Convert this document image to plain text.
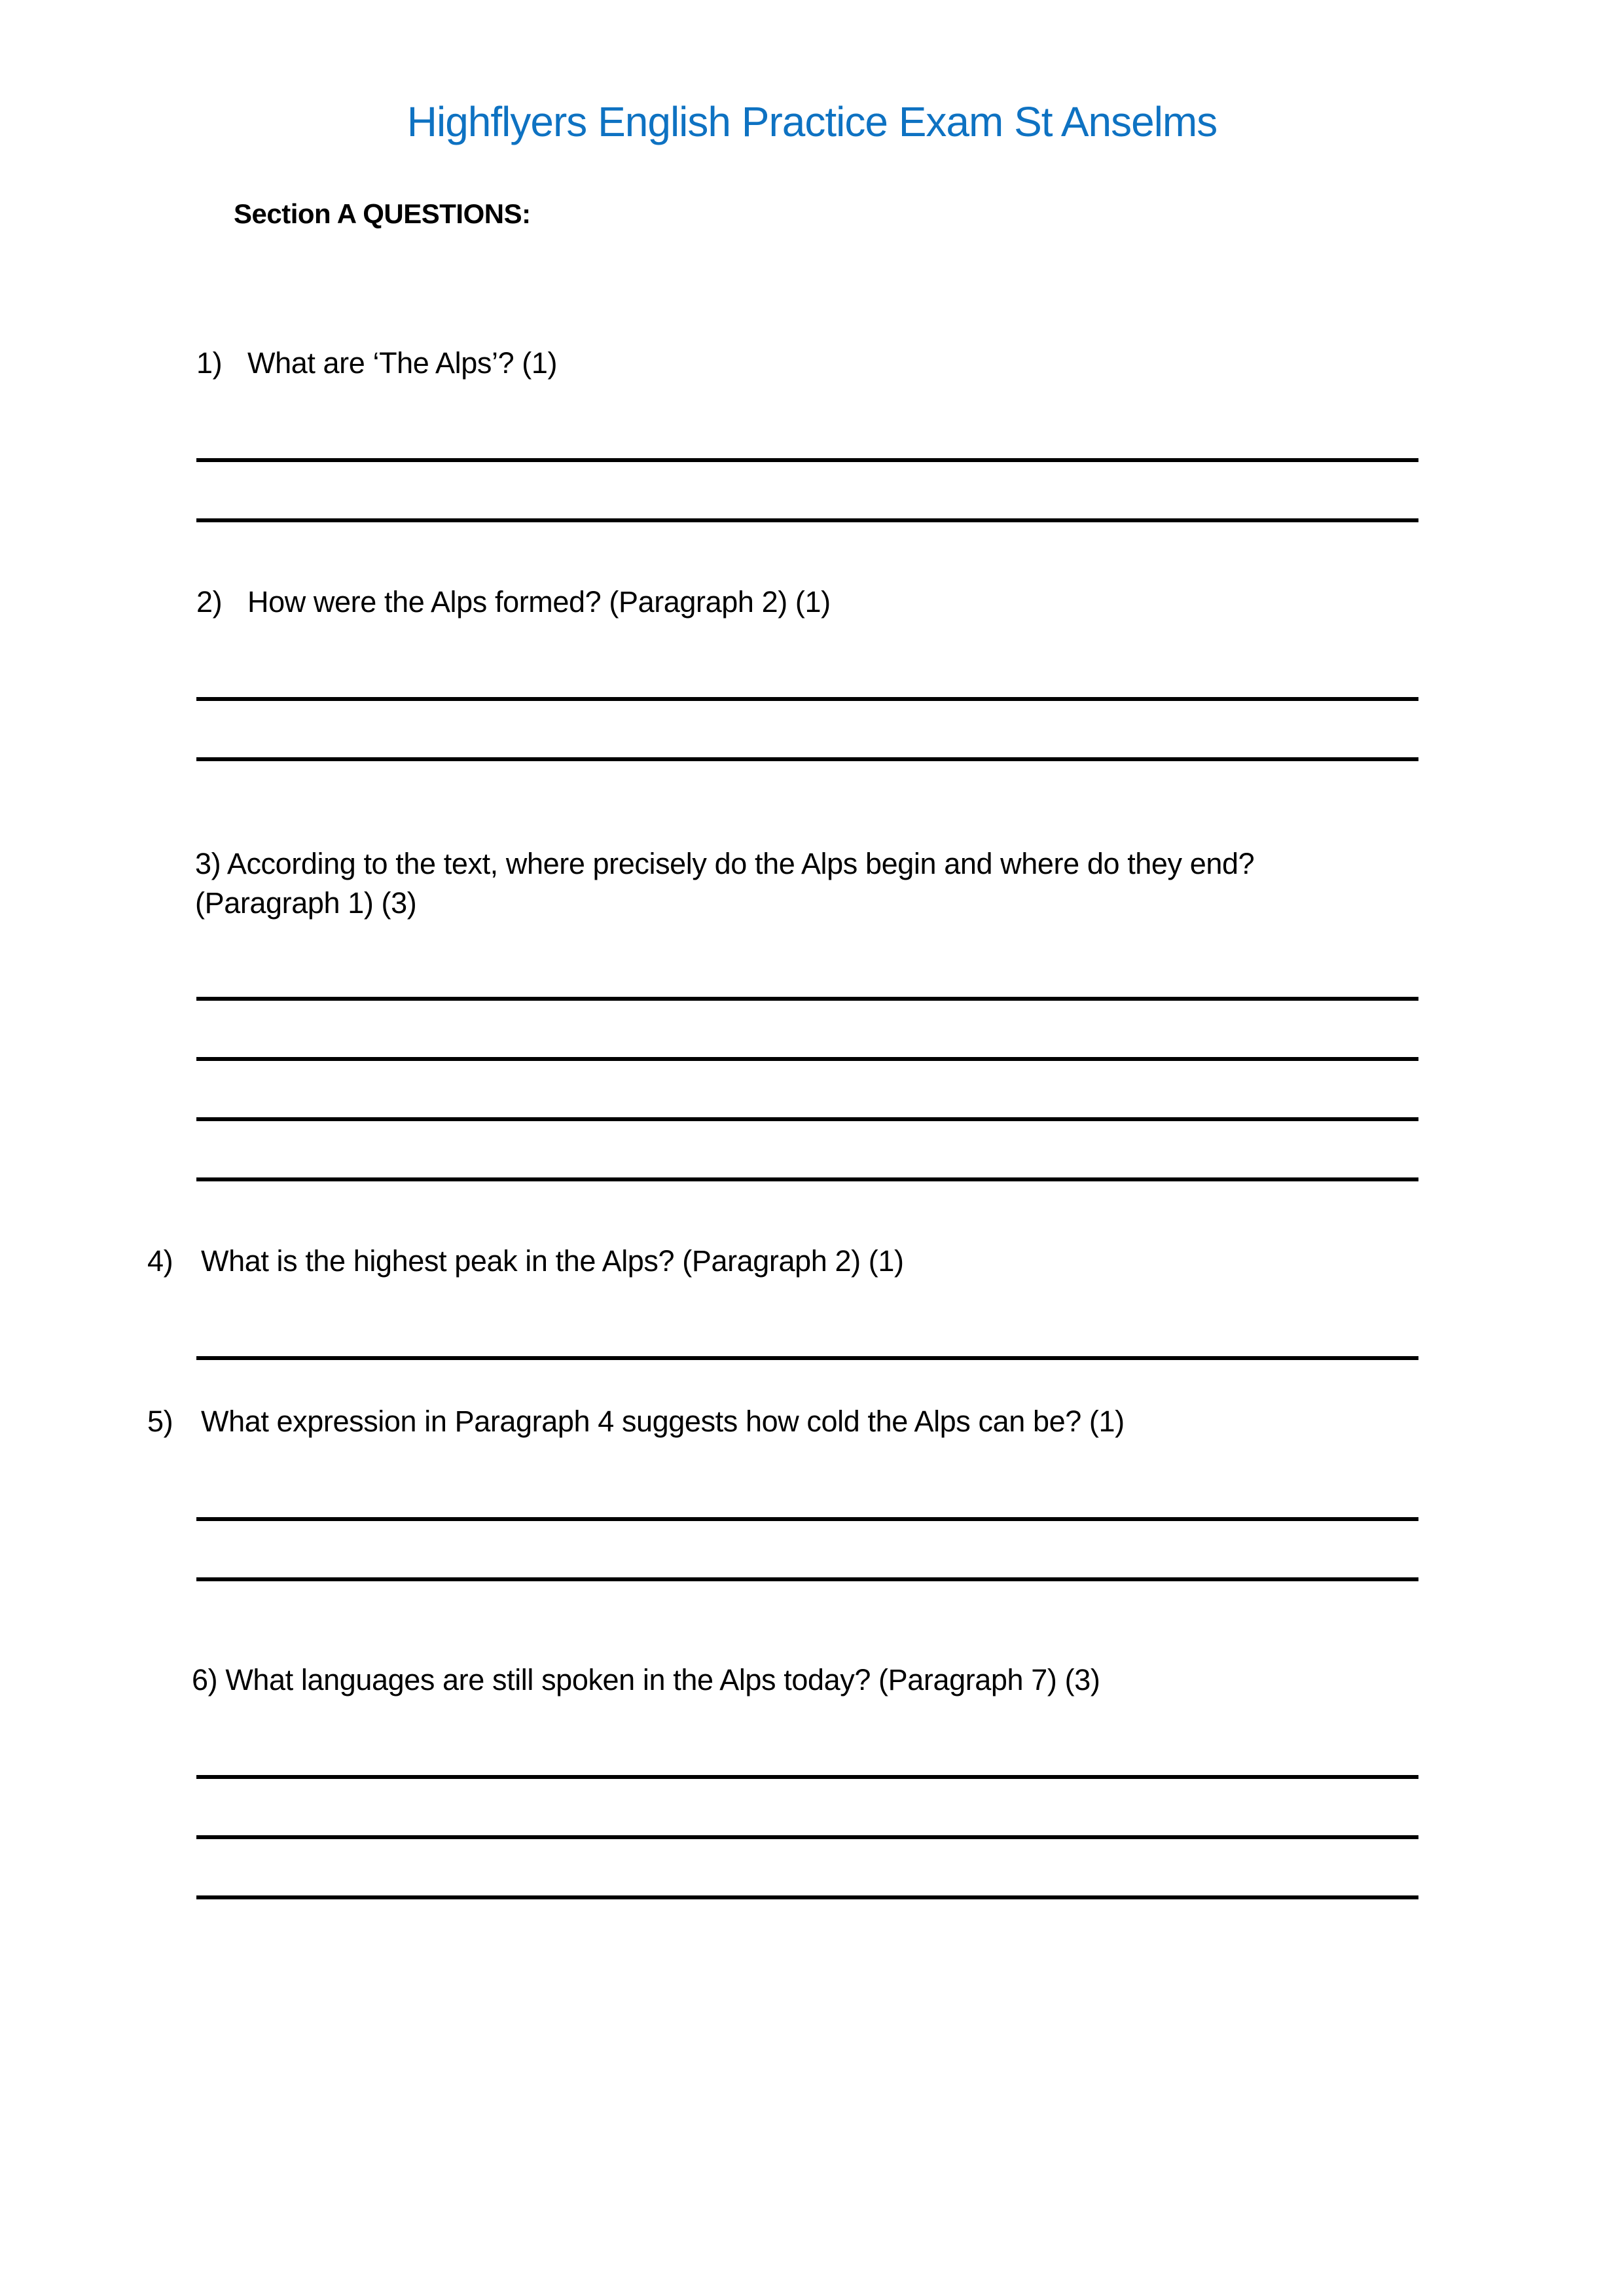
Highflyers English Practice Exam St Anselms
Section A QUESTIONS:
1) What are ‘The Alps’? (1)
2) How were the Alps formed? (Paragraph 2) (1)
3) According to the text, where precisely do the Alps begin and where do they end?
(Paragraph 1) (3)
4) What is the highest peak in the Alps? (Paragraph 2) (1)
5) What expression in Paragraph 4 suggests how cold the Alps can be? (1)
6) What languages are still spoken in the Alps today? (Paragraph 7) (3)
